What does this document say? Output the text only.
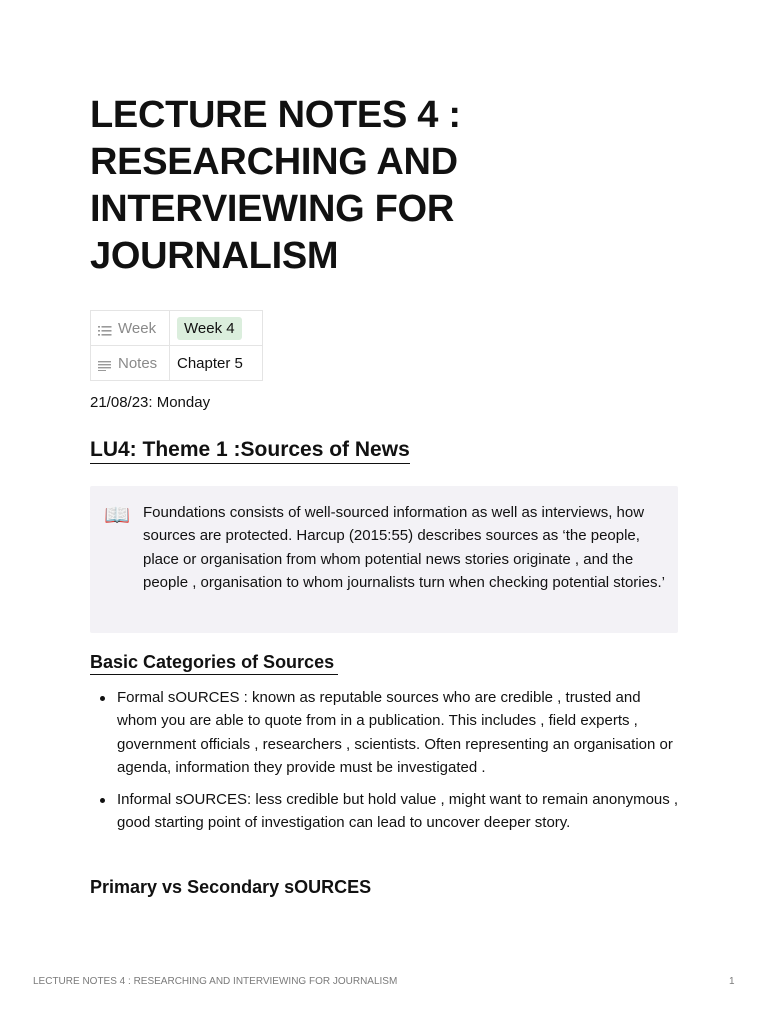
LECTURE NOTES 4 : RESEARCHING AND INTERVIEWING FOR JOURNALISM
Week	Week 4

Notes	Chapter 5

21/08/23: Monday

LU4: Theme 1 :Sources of News
📖 Foundations consists of well-sourced information as well as interviews, how sources are protected. Harcup (2015:55) describes sources as ‘the people, place or organisation from whom potential news stories originate , and the people , organisation to whom journalists turn when checking potential stories.’

Basic Categories of Sources
Formal sOURCES : known as reputable sources who are credible , trusted and whom you are able to quote from in a publication. This includes , field experts , government officials , researchers , scientists. Often representing an organisation or agenda, information they provide must be investigated .
Informal sOURCES: less credible but hold value , might want to remain anonymous , good starting point of investigation can lead to uncover deeper story.
Primary vs Secondary sOURCES

LECTURE NOTES 4 : RESEARCHING AND INTERVIEWING FOR JOURNALISM	1
